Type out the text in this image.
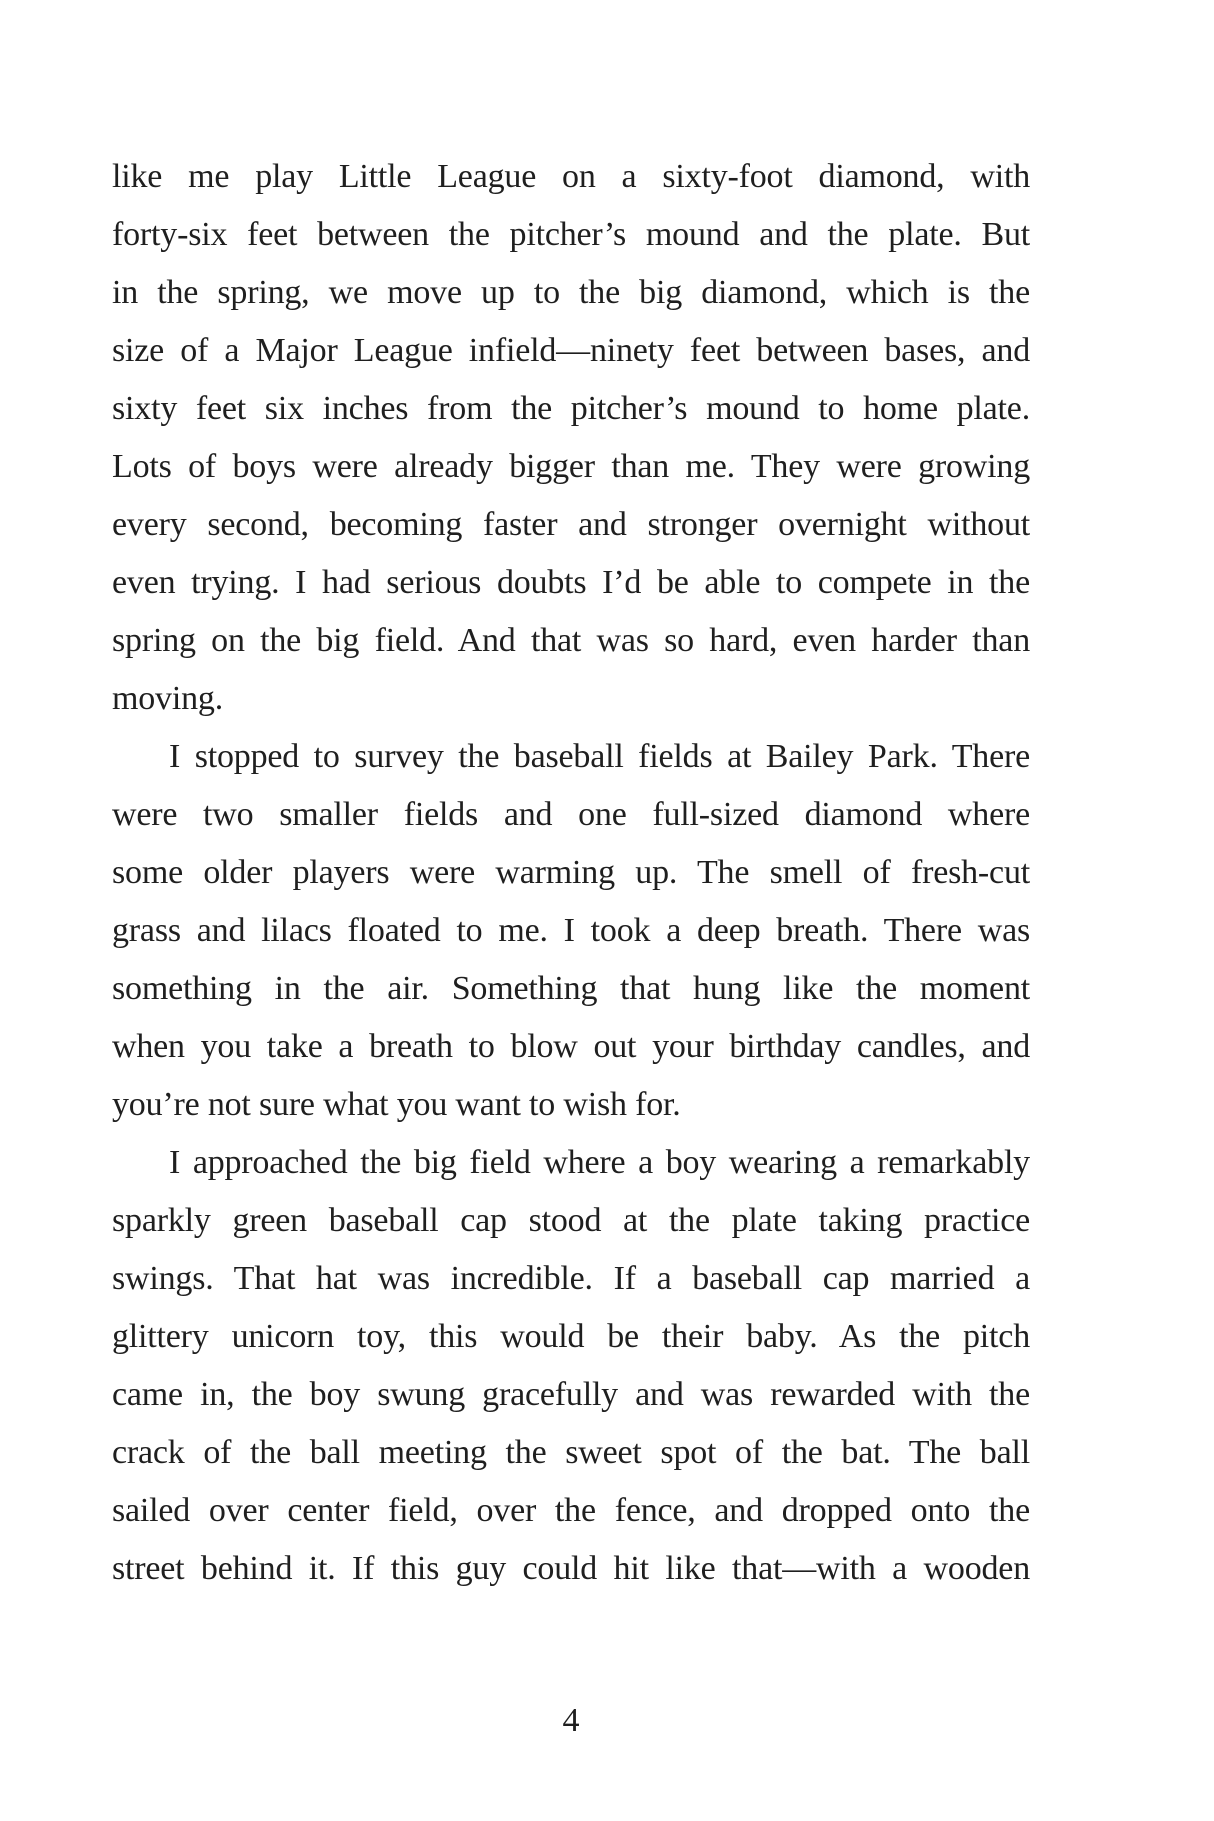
like me play Little League on a sixty-foot diamond, with
forty-six feet between the pitcher’s mound and the plate. But
in the spring, we move up to the big diamond, which is the
size of a Major League infield—ninety feet between bases, and
sixty feet six inches from the pitcher’s mound to home plate.
Lots of boys were already bigger than me. They were growing
every second, becoming faster and stronger overnight without
even trying. I had serious doubts I’d be able to compete in the
spring on the big field. And that was so hard, even harder than
moving.
I stopped to survey the baseball fields at Bailey Park. There
were two smaller fields and one full-sized diamond where
some older players were warming up. The smell of fresh-cut
grass and lilacs floated to me. I took a deep breath. There was
something in the air. Something that hung like the moment
when you take a breath to blow out your birthday candles, and
you’re not sure what you want to wish for.
I approached the big field where a boy wearing a remarkably
sparkly green baseball cap stood at the plate taking practice
swings. That hat was incredible. If a baseball cap married a
glittery unicorn toy, this would be their baby. As the pitch
came in, the boy swung gracefully and was rewarded with the
crack of the ball meeting the sweet spot of the bat. The ball
sailed over center field, over the fence, and dropped onto the
street behind it. If this guy could hit like that—with a wooden
4
